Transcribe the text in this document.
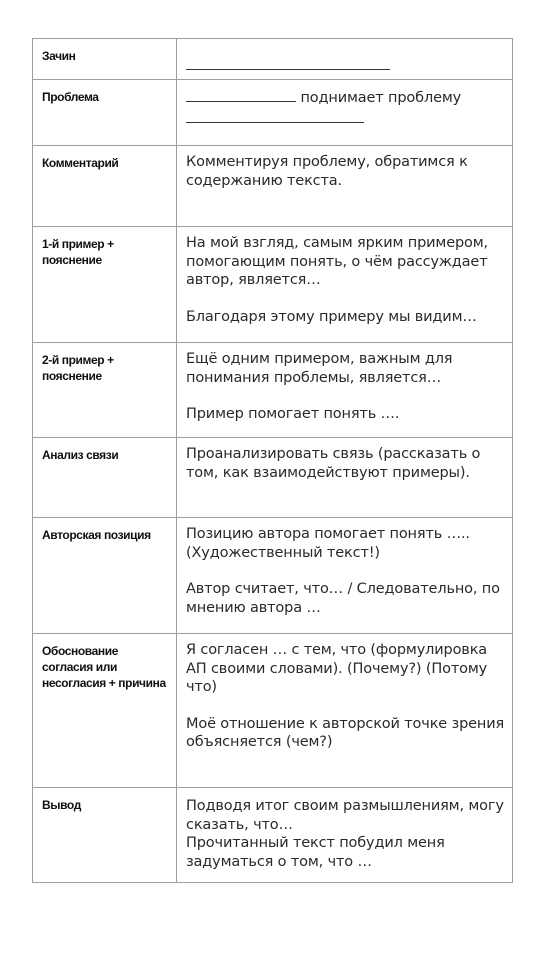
Зачин	
Проблема	поднимает проблему

Комментарий	Комментируя проблему, обратимся к содержанию текста.
1-й пример + пояснение	На мой взгляд, самым ярким примером, помогающим понять, о чём рассуждает автор, является…
Благодаря этому примеру мы видим…

2-й пример + пояснение	Ещё одним примером, важным для понимания проблемы, является…
Пример помогает понять ….

Анализ связи	Проанализировать связь (рассказать о том, как взаимодействуют примеры).
Авторская позиция	Позицию автора помогает понять ….. (Художественный текст!)
Автор считает, что… / Следовательно, по мнению автора …

Обоснование согласия или несогласия + причина	Я согласен … с тем, что (формулировка АП своими словами). (Почему?) (Потому что)
Моё отношение к авторской точке зрения объясняется (чем?)

Вывод	Подводя итог своим размышлениям, могу сказать, что…
Прочитанный текст побудил меня задуматься о том, что …
